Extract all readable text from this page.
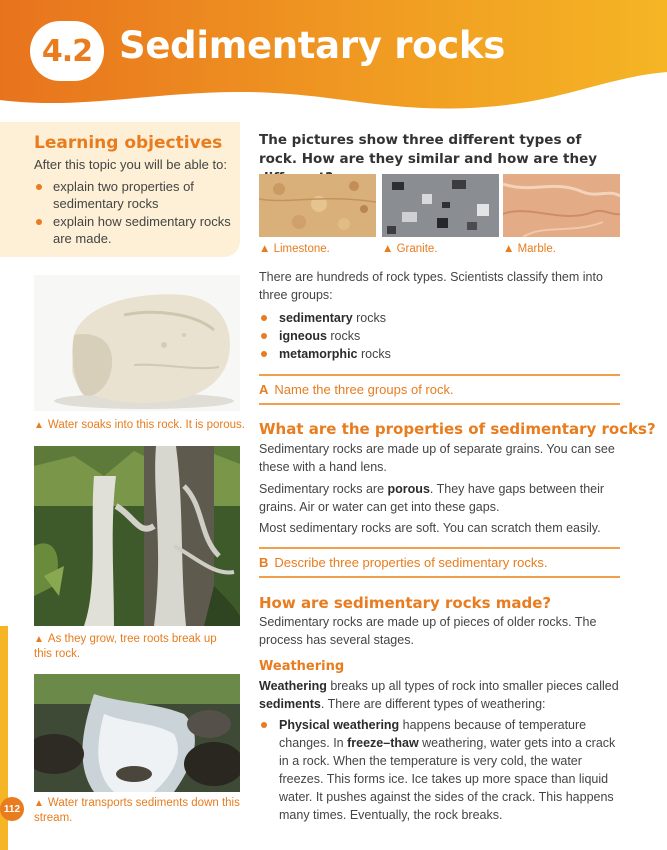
4.2 Sedimentary rocks
Learning objectives
After this topic you will be able to:
explain two properties of sedimentary rocks
explain how sedimentary rocks are made.
▲ Water soaks into this rock. It is porous.
▲ As they grow, tree roots break up this rock.
▲ Water transports sediments down this stream.
The pictures show three different types of rock. How are they similar and how are they
▲ Limestone.	▲ Granite.	▲ Marble.

There are hundreds of rock types. Scientists classify them into three groups:

sedimentary rocks
igneous rocks
metamorphic rocks
A Name the three groups of rock.
What are the properties of sedimentary rocks?

Sedimentary rocks are made up of separate grains. You can see these with a hand lens.

Sedimentary rocks are porous. They have gaps between their grains. Air or water can get into these gaps.

Most sedimentary rocks are soft. You can scratch them easily.

B Describe three properties of sedimentary rocks.
How are sedimentary rocks made?

Sedimentary rocks are made up of pieces of older rocks. The process has several stages.

Weathering

Weathering breaks up all types of rock into smaller pieces called sediments. There are different types of weathering:

Physical weathering happens because of temperature changes. In freeze–thaw weathering, water gets into a crack in a rock. When the temperature is very cold, the water freezes. This forms ice. Ice takes up more space than liquid water. It pushes against the sides of the crack. This happens many times. Eventually, the rock breaks.
112
